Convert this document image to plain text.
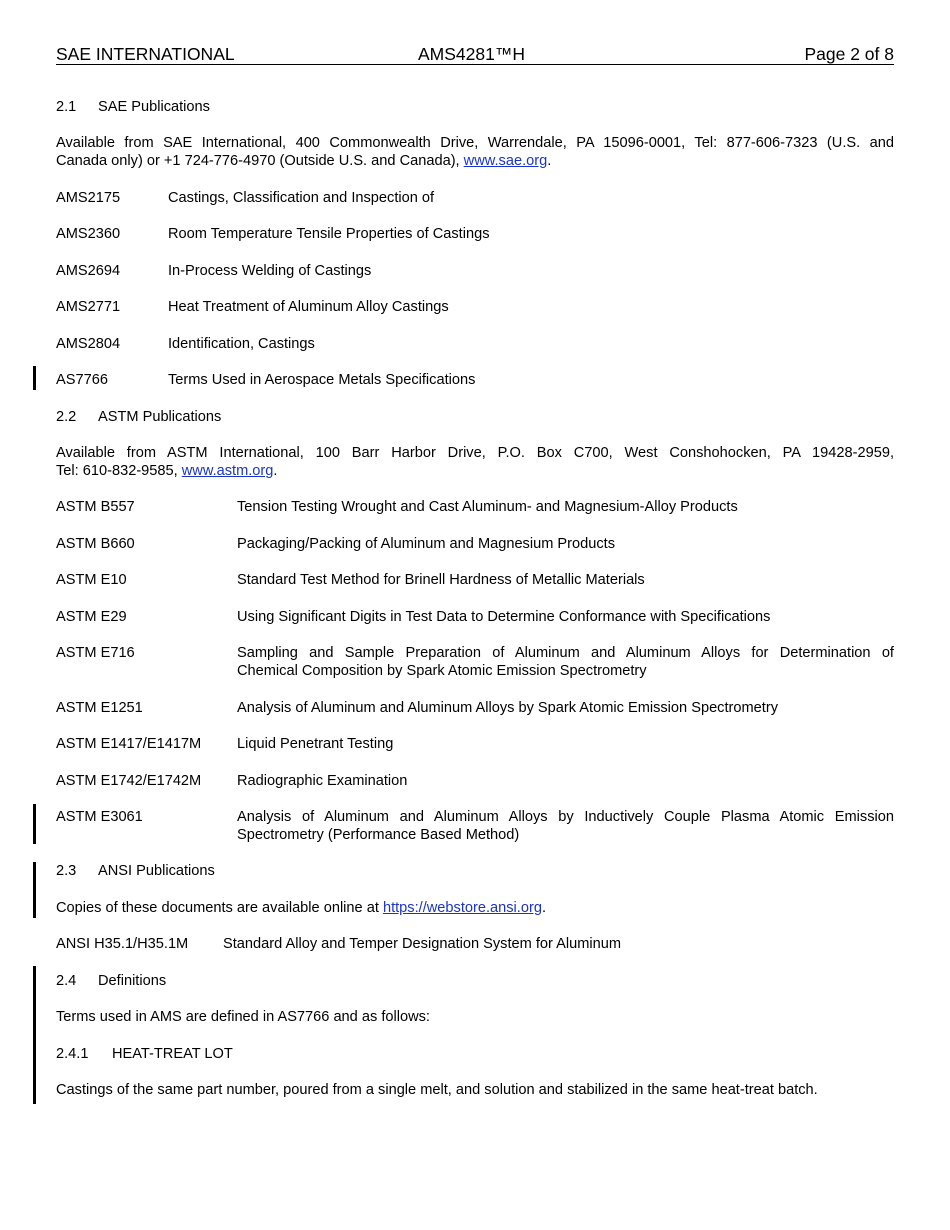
SAE INTERNATIONAL	AMS4281™H	Page 2 of 8
2.1 SAE Publications
Available from SAE International, 400 Commonwealth Drive, Warrendale, PA 15096-0001, Tel: 877-606-7323 (U.S. and
Canada only) or +1 724-776-4970 (Outside U.S. and Canada), www.sae.org.
AMS2175	Castings, Classification and Inspection of
AMS2360	Room Temperature Tensile Properties of Castings
AMS2694	In-Process Welding of Castings
AMS2771	Heat Treatment of Aluminum Alloy Castings
AMS2804	Identification, Castings
AS7766	Terms Used in Aerospace Metals Specifications
2.2 ASTM Publications
Available from ASTM International, 100 Barr Harbor Drive, P.O. Box C700, West Conshohocken, PA 19428-2959,
Tel: 610-832-9585, www.astm.org.
ASTM B557	Tension Testing Wrought and Cast Aluminum- and Magnesium-Alloy Products
ASTM B660	Packaging/Packing of Aluminum and Magnesium Products
ASTM E10	Standard Test Method for Brinell Hardness of Metallic Materials
ASTM E29	Using Significant Digits in Test Data to Determine Conformance with Specifications
ASTM E716	Sampling and Sample Preparation of Aluminum and Aluminum Alloys for Determination of
Chemical Composition by Spark Atomic Emission Spectrometry
ASTM E1251	Analysis of Aluminum and Aluminum Alloys by Spark Atomic Emission Spectrometry
ASTM E1417/E1417M Liquid Penetrant Testing
ASTM E1742/E1742M Radiographic Examination
ASTM E3061	Analysis of Aluminum and Aluminum Alloys by Inductively Couple Plasma Atomic Emission
Spectrometry (Performance Based Method)
2.3 ANSI Publications
Copies of these documents are available online at https://webstore.ansi.org.
ANSI H35.1/H35.1M Standard Alloy and Temper Designation System for Aluminum
2.4 Definitions
Terms used in AMS are defined in AS7766 and as follows:
2.4.1 HEAT-TREAT LOT
Castings of the same part number, poured from a single melt, and solution and stabilized in the same heat-treat batch.
